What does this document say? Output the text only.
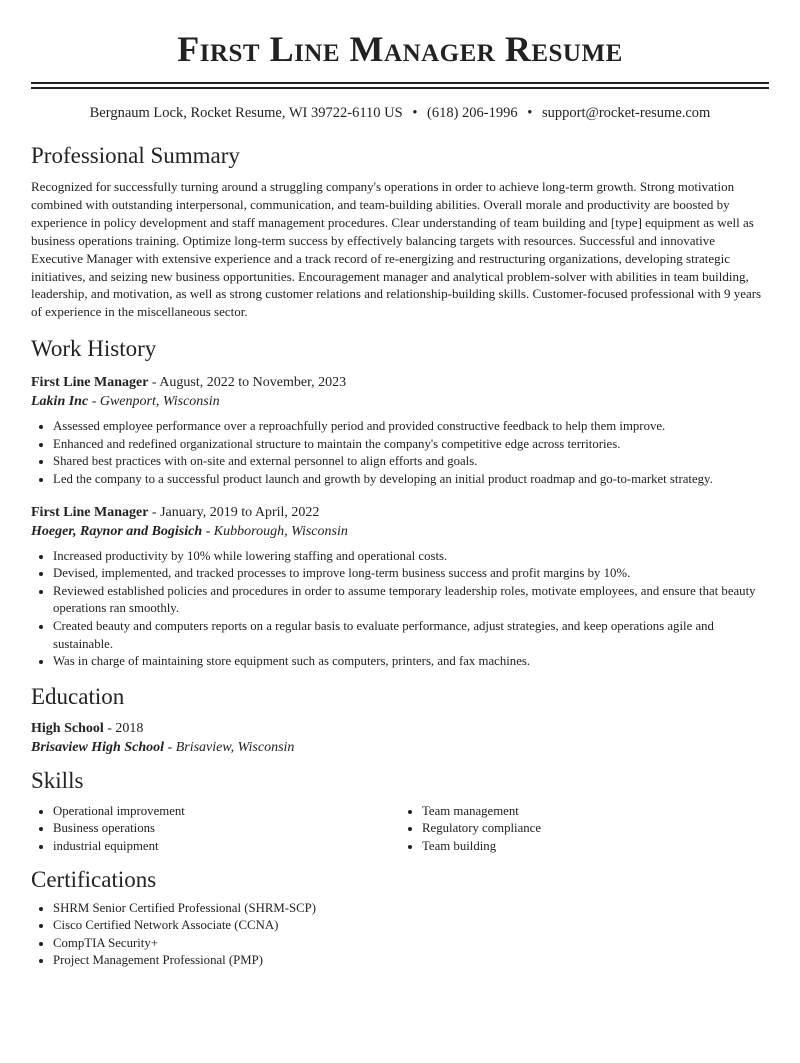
First Line Manager Resume
Bergnaum Lock, Rocket Resume, WI 39722-6110 US • (618) 206-1996 • support@rocket-resume.com
Professional Summary
Recognized for successfully turning around a struggling company's operations in order to achieve long-term growth. Strong motivation combined with outstanding interpersonal, communication, and team-building abilities. Overall morale and productivity are boosted by experience in policy development and staff management procedures. Clear understanding of team building and [type] equipment as well as business operations training. Optimize long-term success by effectively balancing targets with resources. Successful and innovative Executive Manager with extensive experience and a track record of re-energizing and restructuring organizations, developing strategic initiatives, and seizing new business opportunities. Encouragement manager and analytical problem-solver with abilities in team building, leadership, and motivation, as well as strong customer relations and relationship-building skills. Customer-focused professional with 9 years of experience in the miscellaneous sector.
Work History
First Line Manager - August, 2022 to November, 2023
Lakin Inc - Gwenport, Wisconsin
• Assessed employee performance over a reproachfully period and provided constructive feedback to help them improve.
• Enhanced and redefined organizational structure to maintain the company's competitive edge across territories.
• Shared best practices with on-site and external personnel to align efforts and goals.
• Led the company to a successful product launch and growth by developing an initial product roadmap and go-to-market strategy.
First Line Manager - January, 2019 to April, 2022
Hoeger, Raynor and Bogisich - Kubborough, Wisconsin
• Increased productivity by 10% while lowering staffing and operational costs.
• Devised, implemented, and tracked processes to improve long-term business success and profit margins by 10%.
• Reviewed established policies and procedures in order to assume temporary leadership roles, motivate employees, and ensure that beauty operations ran smoothly.
• Created beauty and computers reports on a regular basis to evaluate performance, adjust strategies, and keep operations agile and sustainable.
• Was in charge of maintaining store equipment such as computers, printers, and fax machines.
Education
High School - 2018
Brisaview High School - Brisaview, Wisconsin
Skills
• Operational improvement
• Business operations
• industrial equipment
• Team management
• Regulatory compliance
• Team building
Certifications
• SHRM Senior Certified Professional (SHRM-SCP)
• Cisco Certified Network Associate (CCNA)
• CompTIA Security+
• Project Management Professional (PMP)
